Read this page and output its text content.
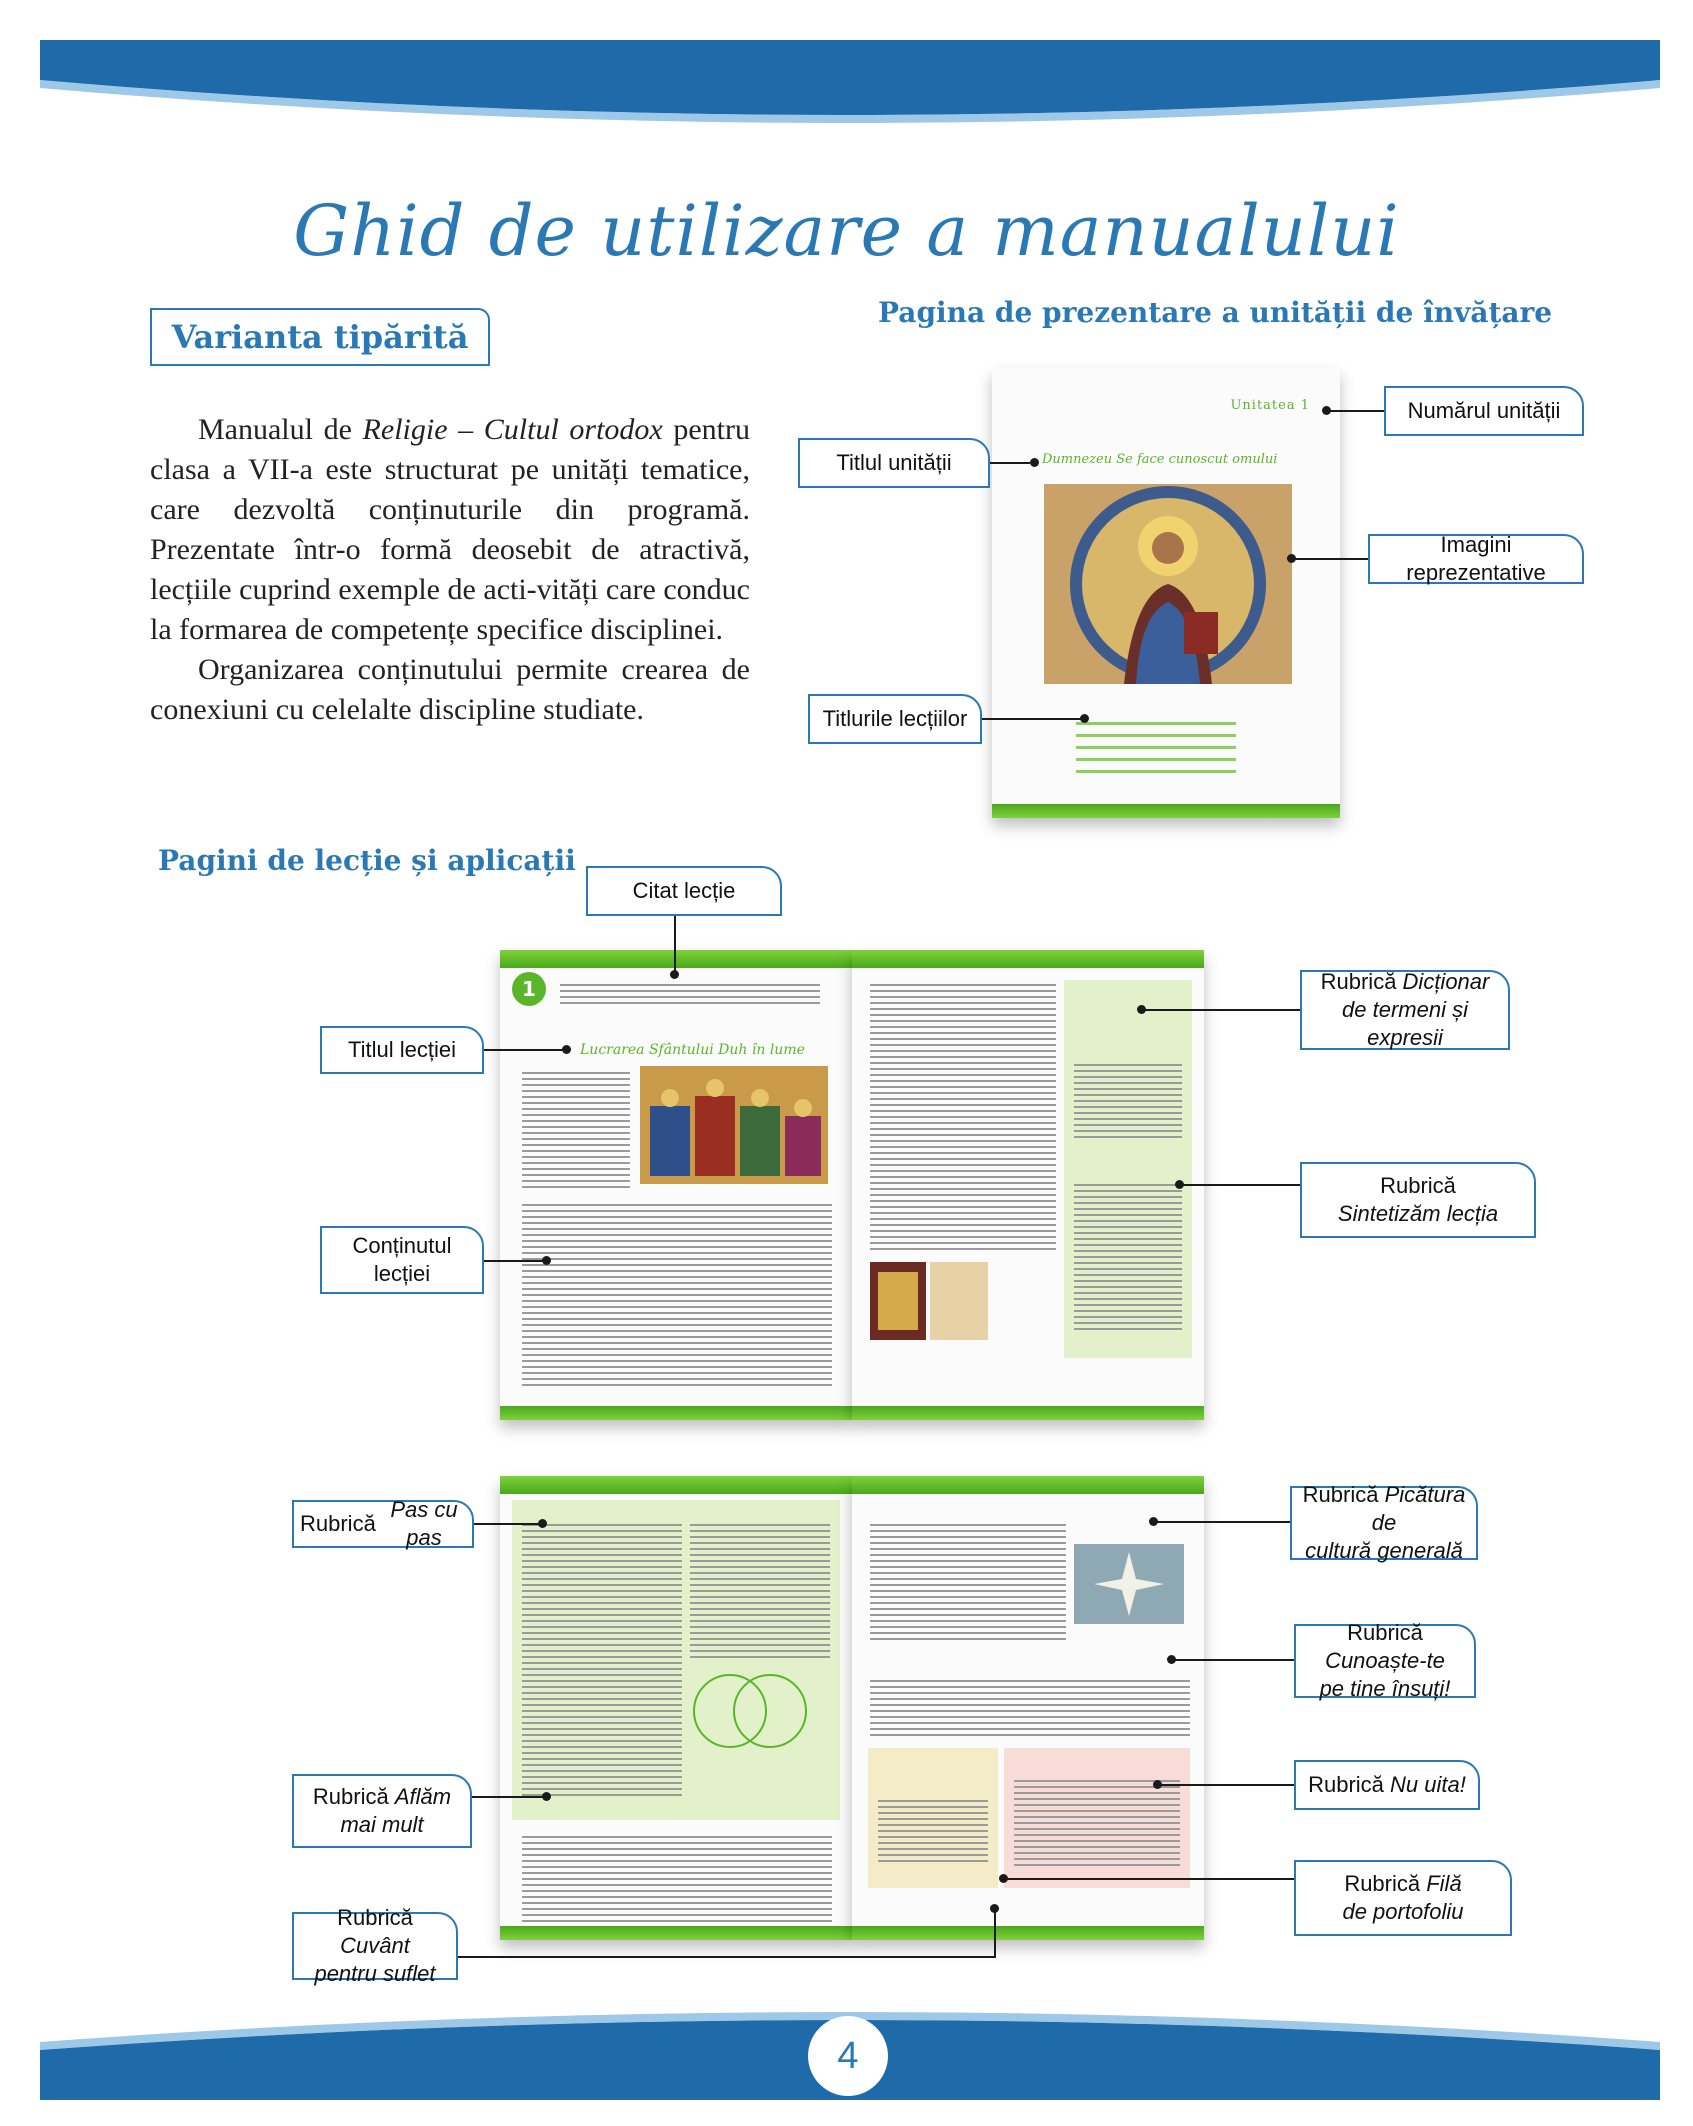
Ghid de utilizare a manualului
Varianta tipărită

Manualul de Religie – Cultul ortodox pentru clasa a VII-a este structurat pe unități tematice, care dezvoltă conținuturile din programă. Prezentate într-o formă deosebit de atractivă, lecțiile cuprind exemple de acti-vități care conduc la formarea de competențe specifice disciplinei.

Organizarea conținutului permite crearea de conexiuni cu celelalte discipline studiate.

Pagina de prezentare a unității de învățare
Unitatea 1
Dumnezeu Se face cunoscut omului
Numărul unității
Titlul unității
Imagini reprezentative
Titlurile lecțiilor
Pagini de lecție și aplicații
1
Lucrarea Sfântului Duh în lume
Citat lecție
Titlul lecției
Conținutul
lecției
Rubrică Dicționar
de termeni și expresii
Rubrică
Sintetizăm lecția
Rubrică

Pas cu pas
Rubrică Aflăm
mai mult
Rubrică Cuvânt
pentru suflet
Rubrică Picătura de
cultură generală
Rubrică Cunoaște-te
pe tine însuți!
Rubrică
Nu uita!
Rubrică Filă
de portofoliu
4
